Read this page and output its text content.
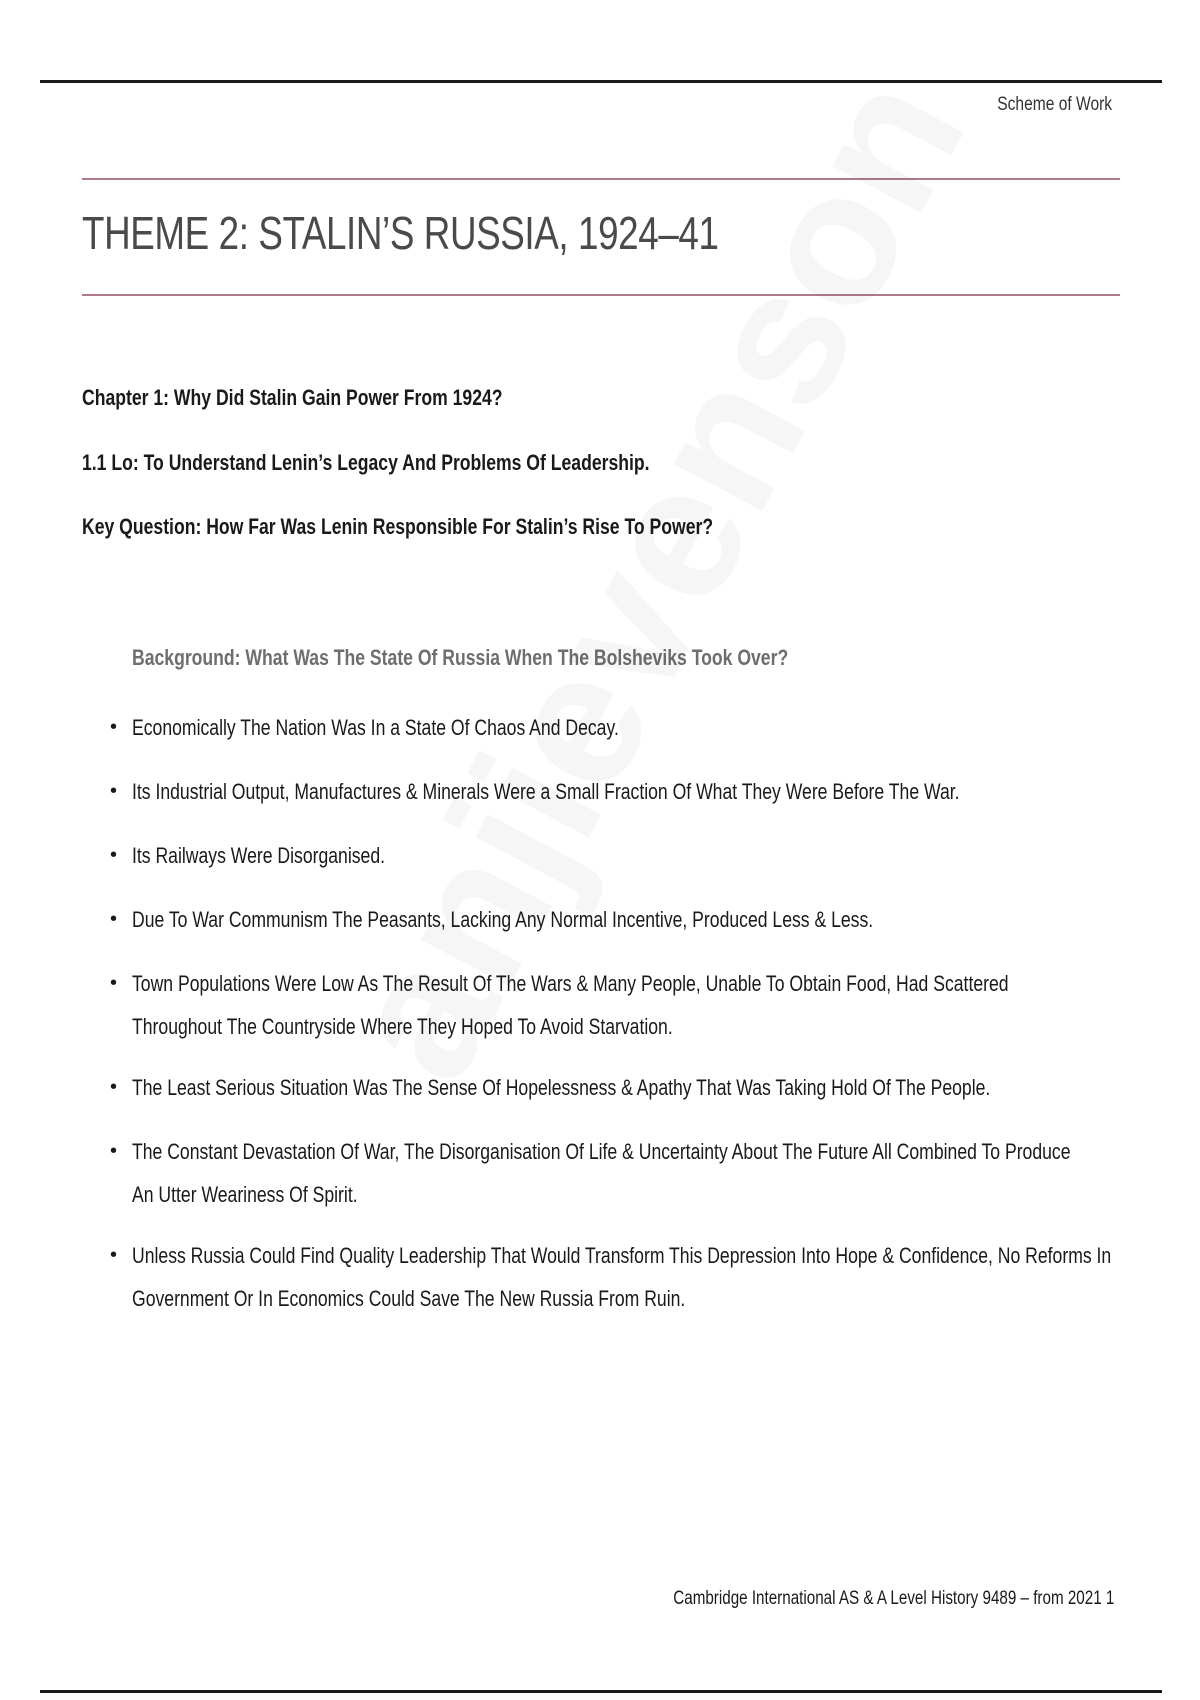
Scheme of Work
THEME 2: STALIN’S RUSSIA, 1924–41
Chapter 1: Why Did Stalin Gain Power From 1924?
1.1 Lo: To Understand Lenin’s Legacy And Problems Of Leadership.
Key Question: How Far Was Lenin Responsible For Stalin’s Rise To Power?
Background: What Was The State Of Russia When The Bolsheviks Took Over?
• Economically The Nation Was In a State Of Chaos And Decay.
• Its Industrial Output, Manufactures & Minerals Were a Small Fraction Of What They Were Before The War.
• Its Railways Were Disorganised.
• Due To War Communism The Peasants, Lacking Any Normal Incentive, Produced Less & Less.
• Town Populations Were Low As The Result Of The Wars & Many People, Unable To Obtain Food, Had Scattered
Throughout The Countryside Where They Hoped To Avoid Starvation.
• The Least Serious Situation Was The Sense Of Hopelessness & Apathy That Was Taking Hold Of The People.
• The Constant Devastation Of War, The Disorganisation Of Life & Uncertainty About The Future All Combined To Produce
An Utter Weariness Of Spirit.
• Unless Russia Could Find Quality Leadership That Would Transform This Depression Into Hope & Confidence, No Reforms In
Government Or In Economics Could Save The New Russia From Ruin.
Cambridge International AS & A Level History 9489 – from 2021 1
